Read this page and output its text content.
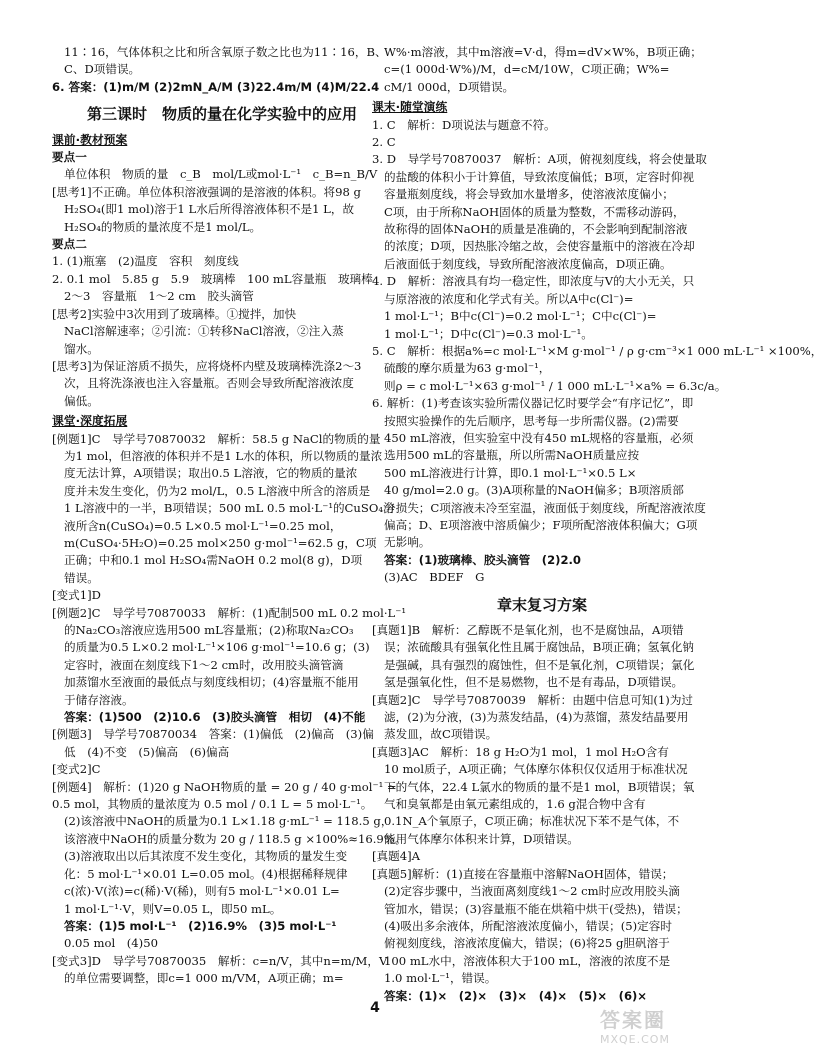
11∶16，气体体积之比和所含氧原子数之比也为11∶16，B、
C、D项错误。
6. 答案：(1)m/M (2)2mN_A/M (3)22.4m/M (4)M/22.4
第三课时　物质的量在化学实验中的应用
课前·教材预案
要点一
单位体积　物质的量　c_B　mol/L或mol·L⁻¹　c_B=n_B/V
[思考1]不正确。单位体积溶液强调的是溶液的体积。将98 g
H₂SO₄(即1 mol)溶于1 L水后所得溶液体积不是1 L，故
H₂SO₄的物质的量浓度不是1 mol/L。
要点二
1. (1)瓶塞　(2)温度　容积　刻度线
2. 0.1 mol　5.85 g　5.9　玻璃棒　100 mL容量瓶　玻璃棒
2～3　容量瓶　1～2 cm　胶头滴管
[思考2]实验中3次用到了玻璃棒。①搅拌，加快
NaCl溶解速率；②引流：①转移NaCl溶液，②注入蒸
馏水。
[思考3]为保证溶质不损失，应将烧杯内壁及玻璃棒洗涤2～3
次，且将洗涤液也注入容量瓶。否则会导致所配溶液浓度
偏低。
课堂·深度拓展
[例题1]C　导学号70870032　解析：58.5 g NaCl的物质的量
为1 mol，但溶液的体积并不是1 L水的体积，所以物质的量浓
度无法计算，A项错误；取出0.5 L溶液，它的物质的量浓
度并未发生变化，仍为2 mol/L，0.5 L溶液中所含的溶质是
1 L溶液中的一半，B项错误；500 mL 0.5 mol·L⁻¹的CuSO₄溶
液所含n(CuSO₄)=0.5 L×0.5 mol·L⁻¹=0.25 mol，
m(CuSO₄·5H₂O)=0.25 mol×250 g·mol⁻¹=62.5 g，C项
正确；中和0.1 mol H₂SO₄需NaOH 0.2 mol(8 g)，D项
错误。
[变式1]D
[例题2]C　导学号70870033　解析：(1)配制500 mL 0.2 mol·L⁻¹
的Na₂CO₃溶液应选用500 mL容量瓶；(2)称取Na₂CO₃
的质量为0.5 L×0.2 mol·L⁻¹×106 g·mol⁻¹=10.6 g；(3)
定容时，液面在刻度线下1～2 cm时，改用胶头滴管滴
加蒸馏水至液面的最低点与刻度线相切；(4)容量瓶不能用
于储存溶液。
答案：(1)500　(2)10.6　(3)胶头滴管　相切　(4)不能
[例题3]　导学号70870034　答案：(1)偏低　(2)偏高　(3)偏
低　(4)不变　(5)偏高　(6)偏高
[变式2]C
[例题4]　解析：(1)20 g NaOH物质的量 = 20 g / 40 g·mol⁻¹ =
0.5 mol，其物质的量浓度为 0.5 mol / 0.1 L = 5 mol·L⁻¹。
(2)该溶液中NaOH的质量为0.1 L×1.18 g·mL⁻¹ = 118.5 g，
该溶液中NaOH的质量分数为 20 g / 118.5 g ×100%≈16.9%。
(3)溶液取出以后其浓度不发生变化，其物质的量发生变
化：5 mol·L⁻¹×0.01 L=0.05 mol。(4)根据稀释规律
c(浓)·V(浓)=c(稀)·V(稀)，则有5 mol·L⁻¹×0.01 L=
1 mol·L⁻¹·V，则V=0.05 L，即50 mL。
答案：(1)5 mol·L⁻¹　(2)16.9%　(3)5 mol·L⁻¹
0.05 mol　(4)50
[变式3]D　导学号70870035　解析：c=n/V，其中n=m/M，V
的单位需要调整，即c=1 000 m/VM，A项正确；m=
W%·m溶液，其中m溶液=V·d，得m=dV×W%，B项正确；
c=(1 000d·W%)/M，d=cM/10W，C项正确；W%=
cM/1 000d，D项错误。
课末·随堂演练
1. C　解析：D项说法与题意不符。
2. C
3. D　导学号70870037　解析：A项，俯视刻度线，将会使量取
的盐酸的体积小于计算值，导致浓度偏低；B项，定容时仰视
容量瓶刻度线，将会导致加水量增多，使溶液浓度偏小；
C项，由于所称NaOH固体的质量为整数，不需移动游码，
故称得的固体NaOH的质量是准确的，不会影响到配制溶液
的浓度；D项，因热胀冷缩之故，会使容量瓶中的溶液在冷却
后液面低于刻度线，导致所配溶液浓度偏高，D项正确。
4. D　解析：溶液具有均一稳定性，即浓度与V的大小无关，只
与原溶液的浓度和化学式有关。所以A中c(Cl⁻)=
1 mol·L⁻¹；B中c(Cl⁻)=0.2 mol·L⁻¹；C中c(Cl⁻)=
1 mol·L⁻¹；D中c(Cl⁻)=0.3 mol·L⁻¹。
5. C　解析：根据a%=c mol·L⁻¹×M g·mol⁻¹ / ρ g·cm⁻³×1 000 mL·L⁻¹ ×100%，
硫酸的摩尔质量为63 g·mol⁻¹，
则ρ = c mol·L⁻¹×63 g·mol⁻¹ / 1 000 mL·L⁻¹×a% = 6.3c/a。
6. 解析：(1)考查该实验所需仪器记忆时要学会“有序记忆”，即
按照实验操作的先后顺序，思考每一步所需仪器。(2)需要
450 mL溶液，但实验室中没有450 mL规格的容量瓶，必须
选用500 mL的容量瓶，所以所需NaOH质量应按
500 mL溶液进行计算，即0.1 mol·L⁻¹×0.5 L×
40 g/mol=2.0 g。(3)A项称量的NaOH偏多；B项溶质部
分损失；C项溶液未冷至室温，液面低于刻度线，所配溶液浓度
偏高；D、E项溶液中溶质偏少；F项所配溶液体积偏大；G项
无影响。
答案：(1)玻璃棒、胶头滴管　(2)2.0
(3)AC　BDEF　G
章末复习方案
[真题1]B　解析：乙醇既不是氧化剂，也不是腐蚀品，A项错
误；浓硫酸具有强氧化性且属于腐蚀品，B项正确；氢氧化钠
是强碱，具有强烈的腐蚀性，但不是氧化剂，C项错误；氯化
氢是强氧化性，但不是易燃物，也不是有毒品，D项错误。
[真题2]C　导学号70870039　解析：由题中信息可知(1)为过
滤，(2)为分液，(3)为蒸发结晶，(4)为蒸馏，蒸发结晶要用
蒸发皿，故C项错误。
[真题3]AC　解析：18 g H₂O为1 mol，1 mol H₂O含有
10 mol质子，A项正确；气体摩尔体积仅仅适用于标准状况
下的气体，22.4 L氯水的物质的量不是1 mol，B项错误；氧
气和臭氧都是由氧元素组成的，1.6 g混合物中含有
0.1N_A个氧原子，C项正确；标准状况下苯不是气体，不
能用气体摩尔体积来计算，D项错误。
[真题4]A
[真题5]解析：(1)直接在容量瓶中溶解NaOH固体，错误；
(2)定容步骤中，当液面离刻度线1～2 cm时应改用胶头滴
管加水，错误；(3)容量瓶不能在烘箱中烘干(受热)，错误；
(4)吸出多余液体，所配溶液浓度偏小，错误；(5)定容时
俯视刻度线，溶液浓度偏大，错误；(6)将25 g胆矾溶于
100 mL水中，溶液体积大于100 mL，溶液的浓度不是
1.0 mol·L⁻¹，错误。
答案：(1)×　(2)×　(3)×　(4)×　(5)×　(6)×
4	答案圈
MXQE.COM
